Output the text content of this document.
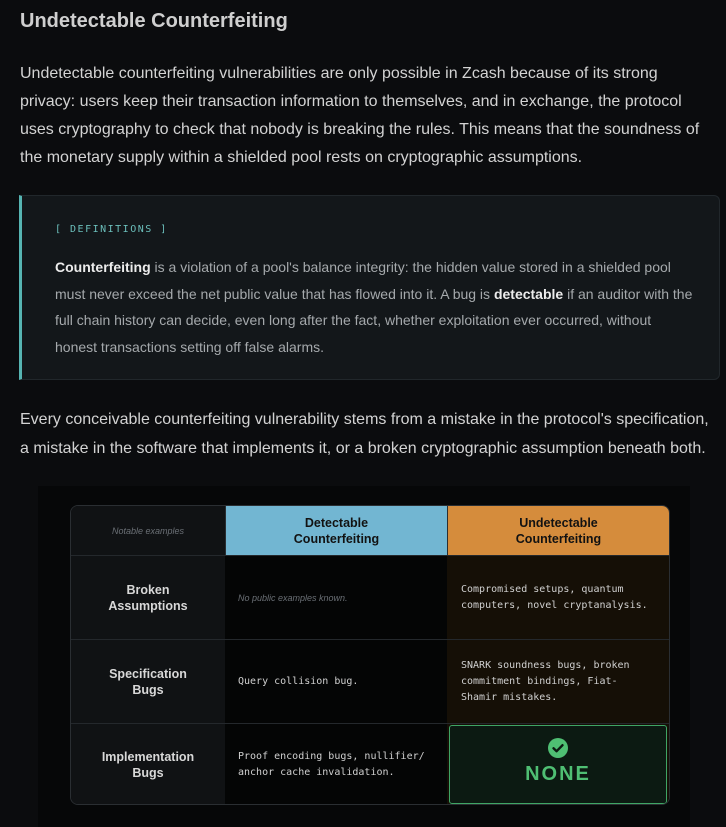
Undetectable Counterfeiting

Undetectable counterfeiting vulnerabilities are only possible in Zcash because of its strong privacy: users keep their transaction information to themselves, and in exchange, the protocol uses cryptography to check that nobody is breaking the rules. This means that the soundness of the monetary supply within a shielded pool rests on cryptographic assumptions.

[ DEFINITIONS ]

Counterfeiting is a violation of a pool's balance integrity: the hidden value stored in a shielded pool must never exceed the net public value that has flowed into it. A bug is detectable if an auditor with the full chain history can decide, even long after the fact, whether exploitation ever occurred, without honest transactions setting off false alarms.

Every conceivable counterfeiting vulnerability stems from a mistake in the protocol's specification, a mistake in the software that implements it, or a broken cryptographic assumption beneath both.

Notable examples
Detectable Counterfeiting
Undetectable Counterfeiting
Broken Assumptions
No public examples known.
Compromised setups, quantum computers, novel cryptanalysis.
Specification Bugs
Query collision bug.
SNARK soundness bugs, broken commitment bindings, Fiat-Shamir mistakes.
Implementation Bugs
Proof encoding bugs, nullifier/ anchor cache invalidation.	NONE
